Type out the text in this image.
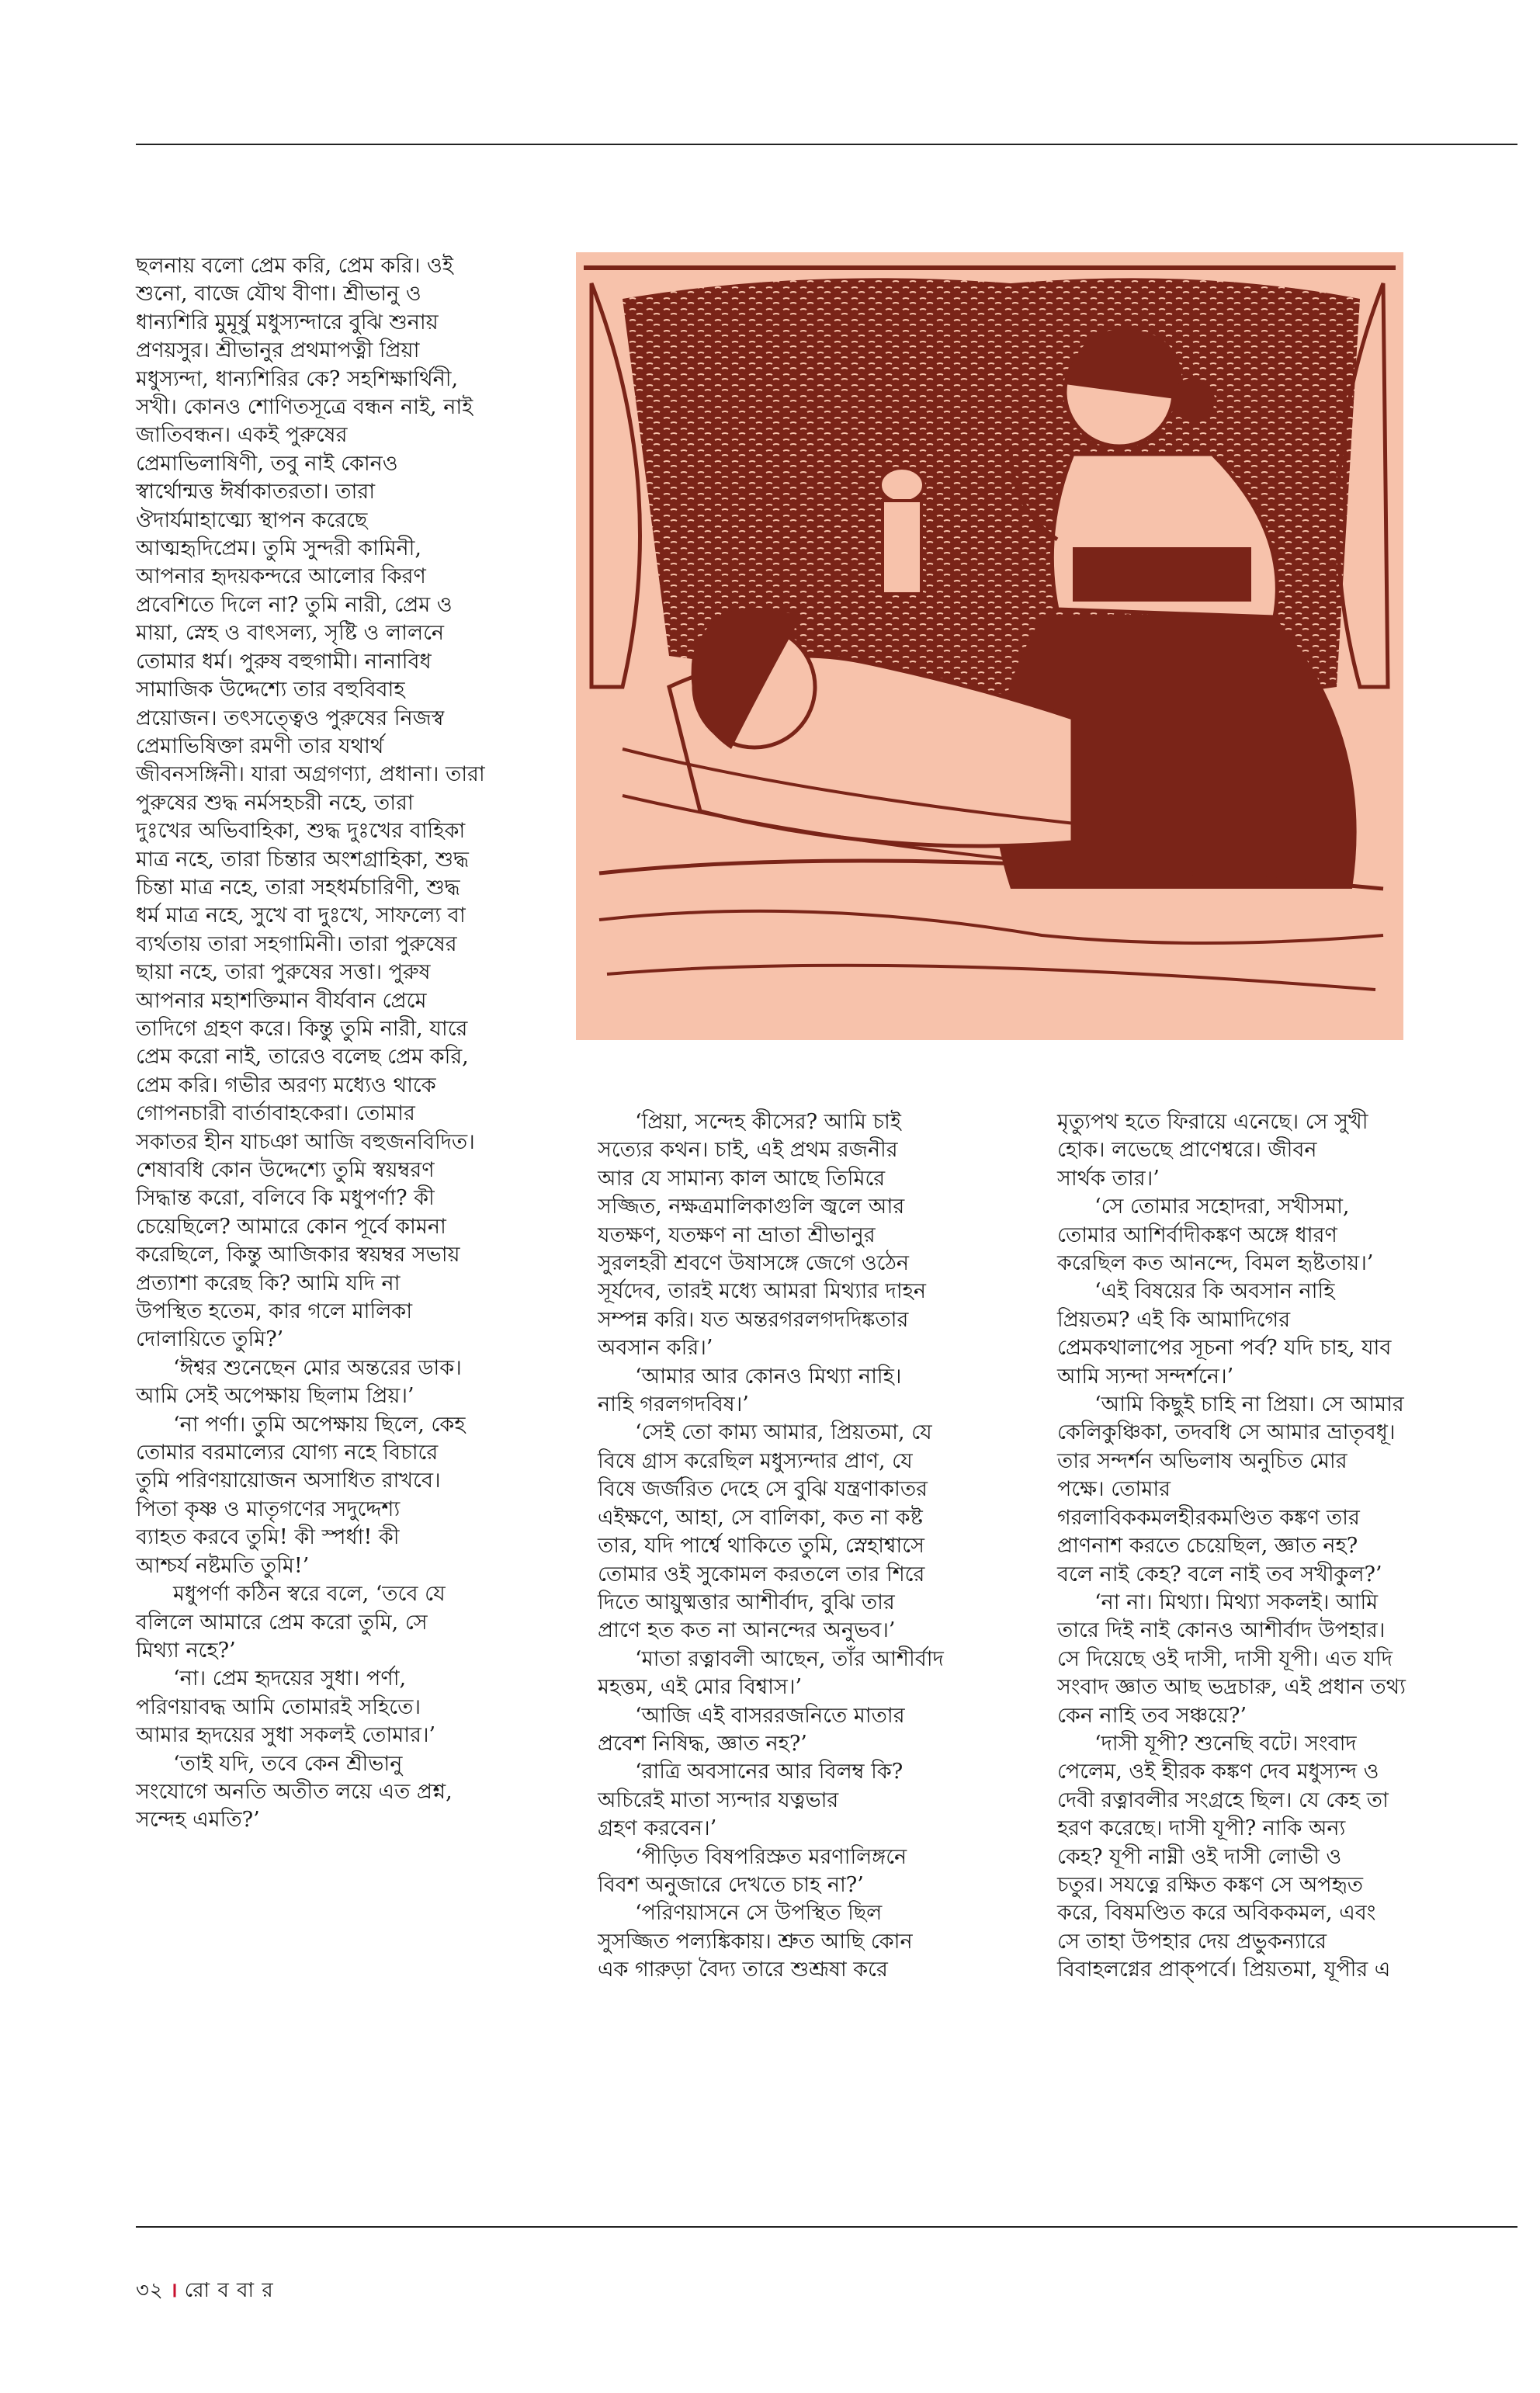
ছলনায় বলো প্রেম করি, প্রেম করি। ওই

শুনো, বাজে যৌথ বীণা। শ্রীভানু ও

ধান্যশিরি মুমূর্ষু মধুস্যন্দারে বুঝি শুনায়

প্রণয়সুর। শ্রীভানুর প্রথমাপত্নী প্রিয়া

মধুস্যন্দা, ধান্যশিরির কে? সহশিক্ষার্থিনী,

সখী। কোনও শোণিতসূত্রে বন্ধন নাই, নাই

জাতিবন্ধন। একই পুরুষের

প্রেমাভিলাষিণী, তবু নাই কোনও

স্বার্থোন্মত্ত ঈর্ষাকাতরতা। তারা

ঔদার্যমাহাত্ম্যে স্থাপন করেছে

আত্মহৃদিপ্রেম। তুমি সুন্দরী কামিনী,

আপনার হৃদয়কন্দরে আলোর কিরণ

প্রবেশিতে দিলে না? তুমি নারী, প্রেম ও

মায়া, স্নেহ ও বাৎসল্য, সৃষ্টি ও লালনে

তোমার ধর্ম। পুরুষ বহুগামী। নানাবিধ

সামাজিক উদ্দেশ্যে তার বহুবিবাহ

প্রয়োজন। তৎসত্ত্বেও পুরুষের নিজস্ব

প্রেমাভিষিক্তা রমণী তার যথার্থ

জীবনসঙ্গিনী। যারা অগ্রগণ্যা, প্রধানা। তারা

পুরুষের শুদ্ধ নর্মসহচরী নহে, তারা

দুঃখের অভিবাহিকা, শুদ্ধ দুঃখের বাহিকা

মাত্র নহে, তারা চিন্তার অংশগ্রাহিকা, শুদ্ধ

চিন্তা মাত্র নহে, তারা সহধর্মচারিণী, শুদ্ধ

ধর্ম মাত্র নহে, সুখে বা দুঃখে, সাফল্যে বা

ব্যর্থতায় তারা সহগামিনী। তারা পুরুষের

ছায়া নহে, তারা পুরুষের সত্তা। পুরুষ

আপনার মহাশক্তিমান বীর্যবান প্রেমে

তাদিগে গ্রহণ করে। কিন্তু তুমি নারী, যারে

প্রেম করো নাই, তারেও বলেছ প্রেম করি,

প্রেম করি। গভীর অরণ্য মধ্যেও থাকে

গোপনচারী বার্তাবাহকেরা। তোমার

সকাতর হীন যাচঞা আজি বহুজনবিদিত।

শেষাবধি কোন উদ্দেশ্যে তুমি স্বয়ম্বরণ

সিদ্ধান্ত করো, বলিবে কি মধুপর্ণা? কী

চেয়েছিলে? আমারে কোন পূর্বে কামনা

করেছিলে, কিন্তু আজিকার স্বয়ম্বর সভায়

প্রত্যাশা করেছ কি? আমি যদি না

উপস্থিত হতেম, কার গলে মালিকা

দোলায়িতে তুমি?’

‘ঈশ্বর শুনেছেন মোর অন্তরের ডাক।

আমি সেই অপেক্ষায় ছিলাম প্রিয়।’

‘না পর্ণা। তুমি অপেক্ষায় ছিলে, কেহ

তোমার বরমাল্যের যোগ্য নহে বিচারে

তুমি পরিণয়ায়োজন অসাধিত রাখবে।

পিতা কৃষ্ণ ও মাতৃগণের সদুদ্দেশ্য

ব্যাহত করবে তুমি! কী স্পর্ধা! কী

আশ্চর্য নষ্টমতি তুমি!’

মধুপর্ণা কঠিন স্বরে বলে, ‘তবে যে

বলিলে আমারে প্রেম করো তুমি, সে

মিথ্যা নহে?’

‘না। প্রেম হৃদয়ের সুধা। পর্ণা,

পরিণয়াবদ্ধ আমি তোমারই সহিতে।

আমার হৃদয়ের সুধা সকলই তোমার।’

‘তাই যদি, তবে কেন শ্রীভানু

সংযোগে অনতি অতীত লয়ে এত প্রশ্ন,

সন্দেহ এমতি?’

‘প্রিয়া, সন্দেহ কীসের? আমি চাই

সত্যের কথন। চাই, এই প্রথম রজনীর

আর যে সামান্য কাল আছে তিমিরে

সজ্জিত, নক্ষত্রমালিকাগুলি জ্বলে আর

যতক্ষণ, যতক্ষণ না ভ্রাতা শ্রীভানুর

সুরলহরী শ্রবণে উষাসঙ্গে জেগে ওঠেন

সূর্যদেব, তারই মধ্যে আমরা মিথ্যার দাহন

সম্পন্ন করি। যত অন্তরগরলগদদিঙ্কতার

অবসান করি।’

‘আমার আর কোনও মিথ্যা নাহি।

নাহি গরলগদবিষ।’

‘সেই তো কাম্য আমার, প্রিয়তমা, যে

বিষে গ্রাস করেছিল মধুস্যন্দার প্রাণ, যে

বিষে জর্জরিত দেহে সে বুঝি যন্ত্রণাকাতর

এইক্ষণে, আহা, সে বালিকা, কত না কষ্ট

তার, যদি পার্শ্বে থাকিতে তুমি, স্নেহাশ্বাসে

তোমার ওই সুকোমল করতলে তার শিরে

দিতে আয়ুষ্মত্তার আশীর্বাদ, বুঝি তার

প্রাণে হত কত না আনন্দের অনুভব।’

‘মাতা রত্নাবলী আছেন, তাঁর আশীর্বাদ

মহত্তম, এই মোর বিশ্বাস।’

‘আজি এই বাসররজনিতে মাতার

প্রবেশ নিষিদ্ধ, জ্ঞাত নহ?’

‘রাত্রি অবসানের আর বিলম্ব কি?

অচিরেই মাতা স্যন্দার যত্নভার

গ্রহণ করবেন।’

‘পীড়িত বিষপরিস্রুত মরণালিঙ্গনে

বিবশ অনুজারে দেখতে চাহ না?’

‘পরিণয়াসনে সে উপস্থিত ছিল

সুসজ্জিত পল্যঙ্কিকায়। শ্রুত আছি কোন

এক গারুড়া বৈদ্য তারে শুশ্রূষা করে

মৃত্যুপথ হতে ফিরায়ে এনেছে। সে সুখী

হোক। লভেছে প্রাণেশ্বরে। জীবন

সার্থক তার।’

‘সে তোমার সহোদরা, সখীসমা,

তোমার আশির্বাদীকঙ্কণ অঙ্গে ধারণ

করেছিল কত আনন্দে, বিমল হৃষ্টতায়।’

‘এই বিষয়ের কি অবসান নাহি

প্রিয়তম? এই কি আমাদিগের

প্রেমকথালাপের সূচনা পর্ব? যদি চাহ, যাব

আমি স্যন্দা সন্দর্শনে।’

‘আমি কিছুই চাহি না প্রিয়া। সে আমার

কেলিকুঞ্চিকা, তদবধি সে আমার ভ্রাতৃবধূ।

তার সন্দর্শন অভিলাষ অনুচিত মোর

পক্ষে। তোমার

গরলাবিককমলহীরকমণ্ডিত কঙ্কণ তার

প্রাণনাশ করতে চেয়েছিল, জ্ঞাত নহ?

বলে নাই কেহ? বলে নাই তব সখীকুল?’

‘না না। মিথ্যা। মিথ্যা সকলই। আমি

তারে দিই নাই কোনও আশীর্বাদ উপহার।

সে দিয়েছে ওই দাসী, দাসী যূপী। এত যদি

সংবাদ জ্ঞাত আছ ভদ্রচারু, এই প্রধান তথ্য

কেন নাহি তব সঞ্চয়ে?’

‘দাসী যূপী? শুনেছি বটে। সংবাদ

পেলেম, ওই হীরক কঙ্কণ দেব মধুস্যন্দ ও

দেবী রত্নাবলীর সংগ্রহে ছিল। যে কেহ তা

হরণ করেছে। দাসী যূপী? নাকি অন্য

কেহ? যূপী নাম্নী ওই দাসী লোভী ও

চতুর। সযত্নে রক্ষিত কঙ্কণ সে অপহৃত

করে, বিষমণ্ডিত করে অবিককমল, এবং

সে তাহা উপহার দেয় প্রভুকন্যারে

বিবাহলগ্নের প্রাক্‌পর্বে। প্রিয়তমা, যূপীর এ

৩২ । রো ব বা র
